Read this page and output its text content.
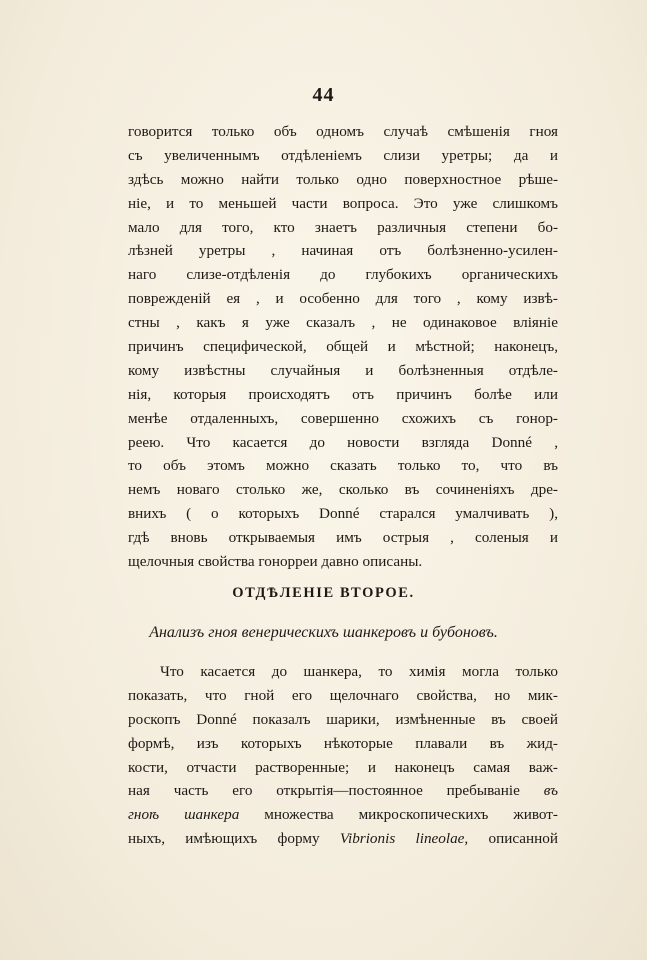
44
говорится только объ одномъ случаѣ смѣшенія гноя
съ увеличеннымъ отдѣленіемъ слизи уретры; да и
здѣсь можно найти только одно поверхностное рѣше-
ніе, и то меньшей части вопроса. Это уже слишкомъ
мало для того, кто знаетъ различныя степени бо-
лѣзней уретры , начиная отъ болѣзненно-усилен-
наго слизе-отдѣленія до глубокихъ органическихъ
поврежденій ея , и особенно для того , кому извѣ-
стны , какъ я уже сказалъ , не одинаковое вліяніе
причинъ специфической, общей и мѣстной; наконецъ,
кому извѣстны случайныя и болѣзненныя отдѣле-
нія, которыя происходятъ отъ причинъ болѣе или
менѣе отдаленныхъ, совершенно схожихъ съ гонор-
реею. Что касается до новости взгляда Donné ,
то объ этомъ можно сказать только то, что въ
немъ новаго столько же, сколько въ сочиненіяхъ дре-
внихъ ( о которыхъ Donné старался умалчивать ),
гдѣ вновь открываемыя имъ острыя , соленыя и
щелочныя свойства гонорреи давно описаны.
ОТДѢЛЕНІЕ ВТОРОЕ.
Анализъ гноя венерическихъ шанкеровъ и бубоновъ.
Что касается до шанкера, то химія могла только
показать, что гной его щелочнаго свойства, но мик-
роскопъ Donné показалъ шарики, измѣненные въ своей
формѣ, изъ которыхъ нѣкоторые плавали въ жид-
кости, отчасти растворенные; и наконецъ самая важ-
ная часть его открытія—постоянное пребываніе въ
гноѣ шанкера множества микроскопическихъ живот-
ныхъ, имѣющихъ форму Vibrionis lineolae, описанной
